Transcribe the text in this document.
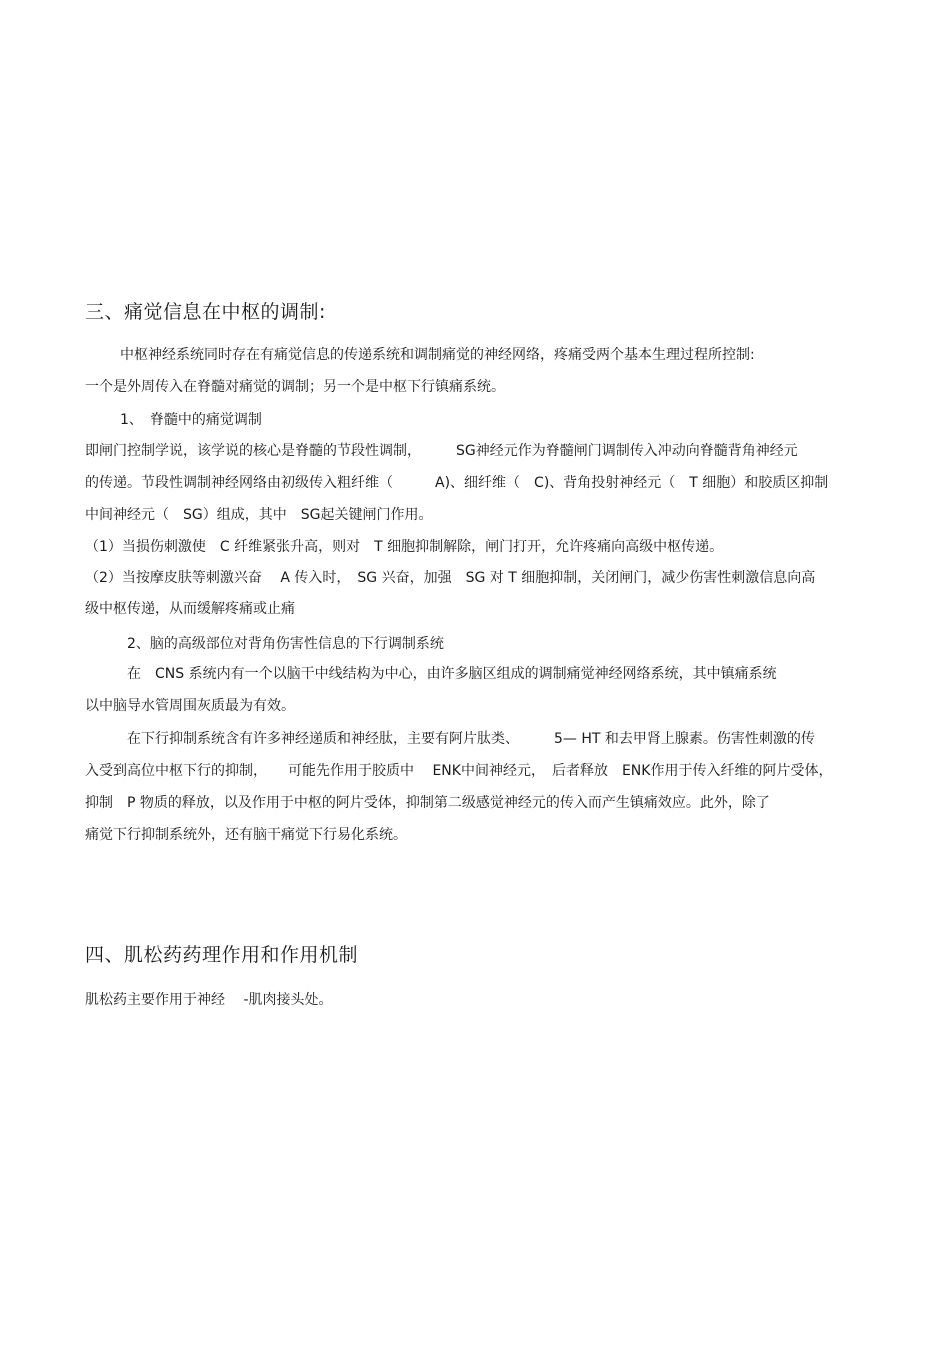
三、痛觉信息在中枢的调制:
中枢神经系统同时存在有痛觉信息的传递系统和调制痛觉的神经网络，疼痛受两个基本生理过程所控制:
一个是外周传入在脊髓对痛觉的调制；另一个是中枢下行镇痛系统。
1、　脊髓中的痛觉调制
即闸门控制学说，该学说的核心是脊髓的节段性调制，　　　SG神经元作为脊髓闸门调制传入冲动向脊髓背角神经元
的传递。节段性调制神经网络由初级传入粗纤维（　　　A)、细纤维（　C)、背角投射神经元（　T 细胞）和胶质区抑制
中间神经元（　SG）组成，其中　SG起关键闸门作用。
（1）当损伤刺激使　C 纤维紧张升高，则对　T 细胞抑制解除，闸门打开，允许疼痛向高级中枢传递。
（2）当按摩皮肤等刺激兴奋　 A 传入时，　SG 兴奋，加强　SG 对 T 细胞抑制，关闭闸门，减少伤害性刺激信息向高
级中枢传递，从而缓解疼痛或止痛
2、脑的高级部位对背角伤害性信息的下行调制系统
在　CNS 系统内有一个以脑干中线结构为中心，由许多脑区组成的调制痛觉神经网络系统，其中镇痛系统
以中脑导水管周围灰质最为有效。
在下行抑制系统含有许多神经递质和神经肽，主要有阿片肽类、　　　5— HT 和去甲肾上腺素。伤害性刺激的传
入受到高位中枢下行的抑制，　　可能先作用于胶质中　 ENK中间神经元，　后者释放　ENK作用于传入纤维的阿片受体，
抑制　P 物质的释放，以及作用于中枢的阿片受体，抑制第二级感觉神经元的传入而产生镇痛效应。此外，除了
痛觉下行抑制系统外，还有脑干痛觉下行易化系统。
四、肌松药药理作用和作用机制
肌松药主要作用于神经　 -肌肉接头处。
